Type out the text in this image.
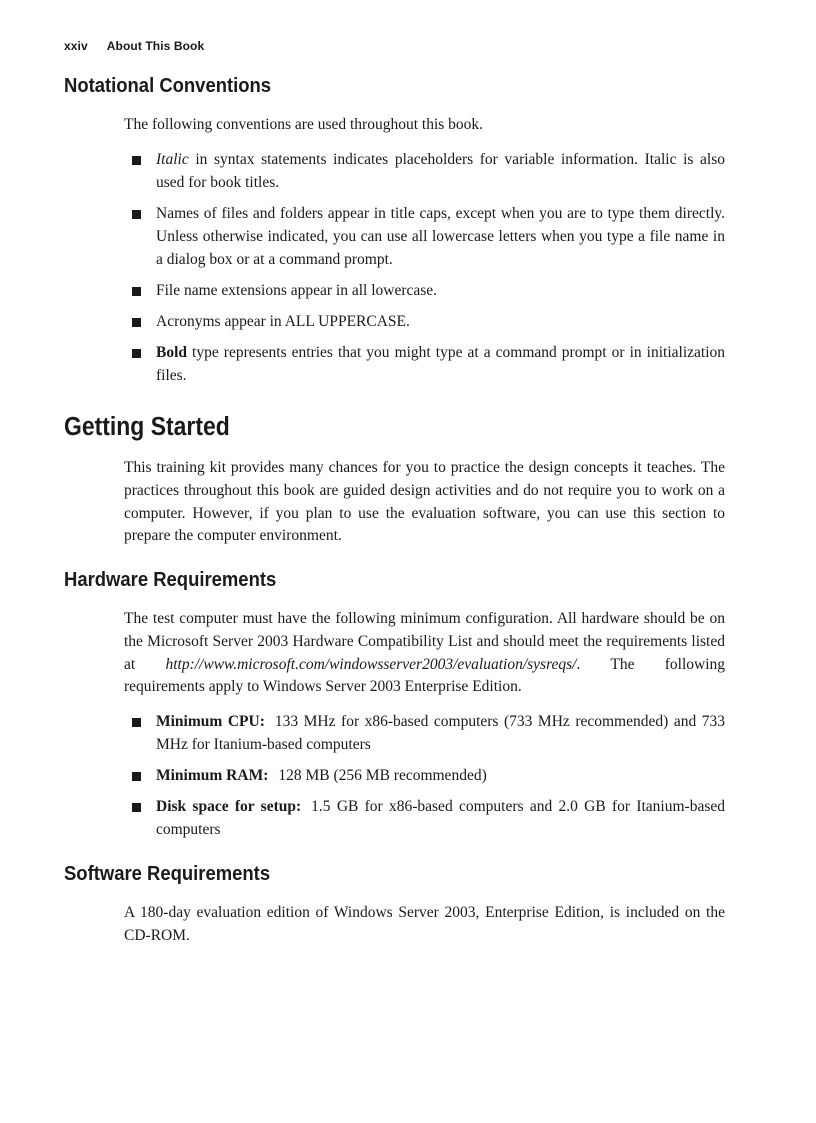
xxiv About This Book
Notational Conventions

The following conventions are used throughout this book.

Italic in syntax statements indicates placeholders for variable information. Italic is also used for book titles.
Names of files and folders appear in title caps, except when you are to type them directly. Unless otherwise indicated, you can use all lowercase letters when you type a file name in a dialog box or at a command prompt.
File name extensions appear in all lowercase.
Acronyms appear in ALL UPPERCASE.
Bold type represents entries that you might type at a command prompt or in initialization files.
Getting Started

This training kit provides many chances for you to practice the design concepts it teaches. The practices throughout this book are guided design activities and do not require you to work on a computer. However, if you plan to use the evaluation software, you can use this section to prepare the computer environment.

Hardware Requirements

The test computer must have the following minimum configuration. All hardware should be on the Microsoft Server 2003 Hardware Compatibility List and should meet the requirements listed at http://www.microsoft.com/windowsserver2003/evaluation/sysreqs/. The following requirements apply to Windows Server 2003 Enterprise Edition.

Minimum CPU: 133 MHz for x86-based computers (733 MHz recommended) and 733 MHz for Itanium-based computers
Minimum RAM: 128 MB (256 MB recommended)
Disk space for setup: 1.5 GB for x86-based computers and 2.0 GB for Itanium-based computers
Software Requirements

A 180-day evaluation edition of Windows Server 2003, Enterprise Edition, is included on the CD-ROM.
